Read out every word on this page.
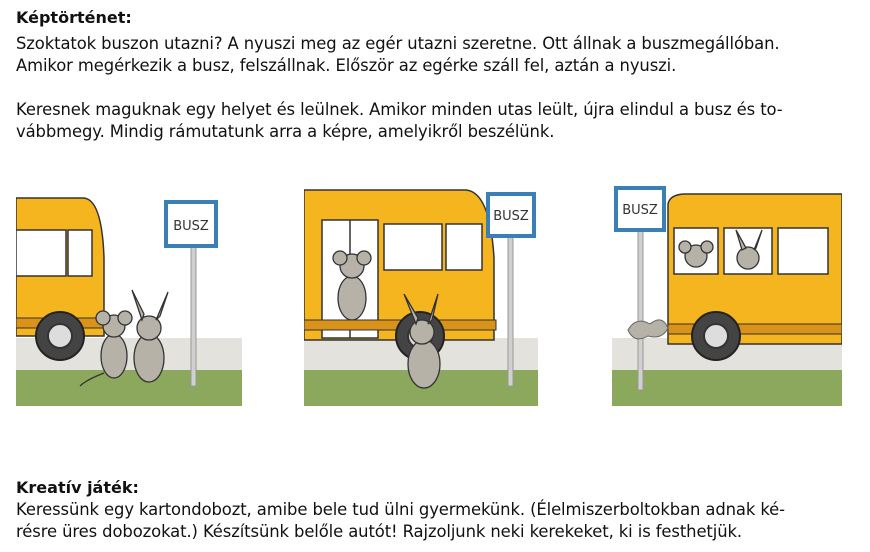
Képtörténet:

Szoktatok buszon utazni? A nyuszi meg az egér utazni szeretne. Ott állnak a buszmegállóban.

Amikor megérkezik a busz, felszállnak. Először az egérke száll fel, aztán a nyuszi.

Keresnek maguknak egy helyet és leülnek. Amikor minden utas leült, újra elindul a busz és to-

vábbmegy. Mindig rámutatunk arra a képre, amelyikről beszélünk.

BUSZ
BUSZ	BUSZ
Kreatív játék:

Keressünk egy kartondobozt, amibe bele tud ülni gyermekünk. (Élelmiszerboltokban adnak ké-

résre üres dobozokat.) Készítsünk belőle autót! Rajzoljunk neki kerekeket, ki is festhetjük.
